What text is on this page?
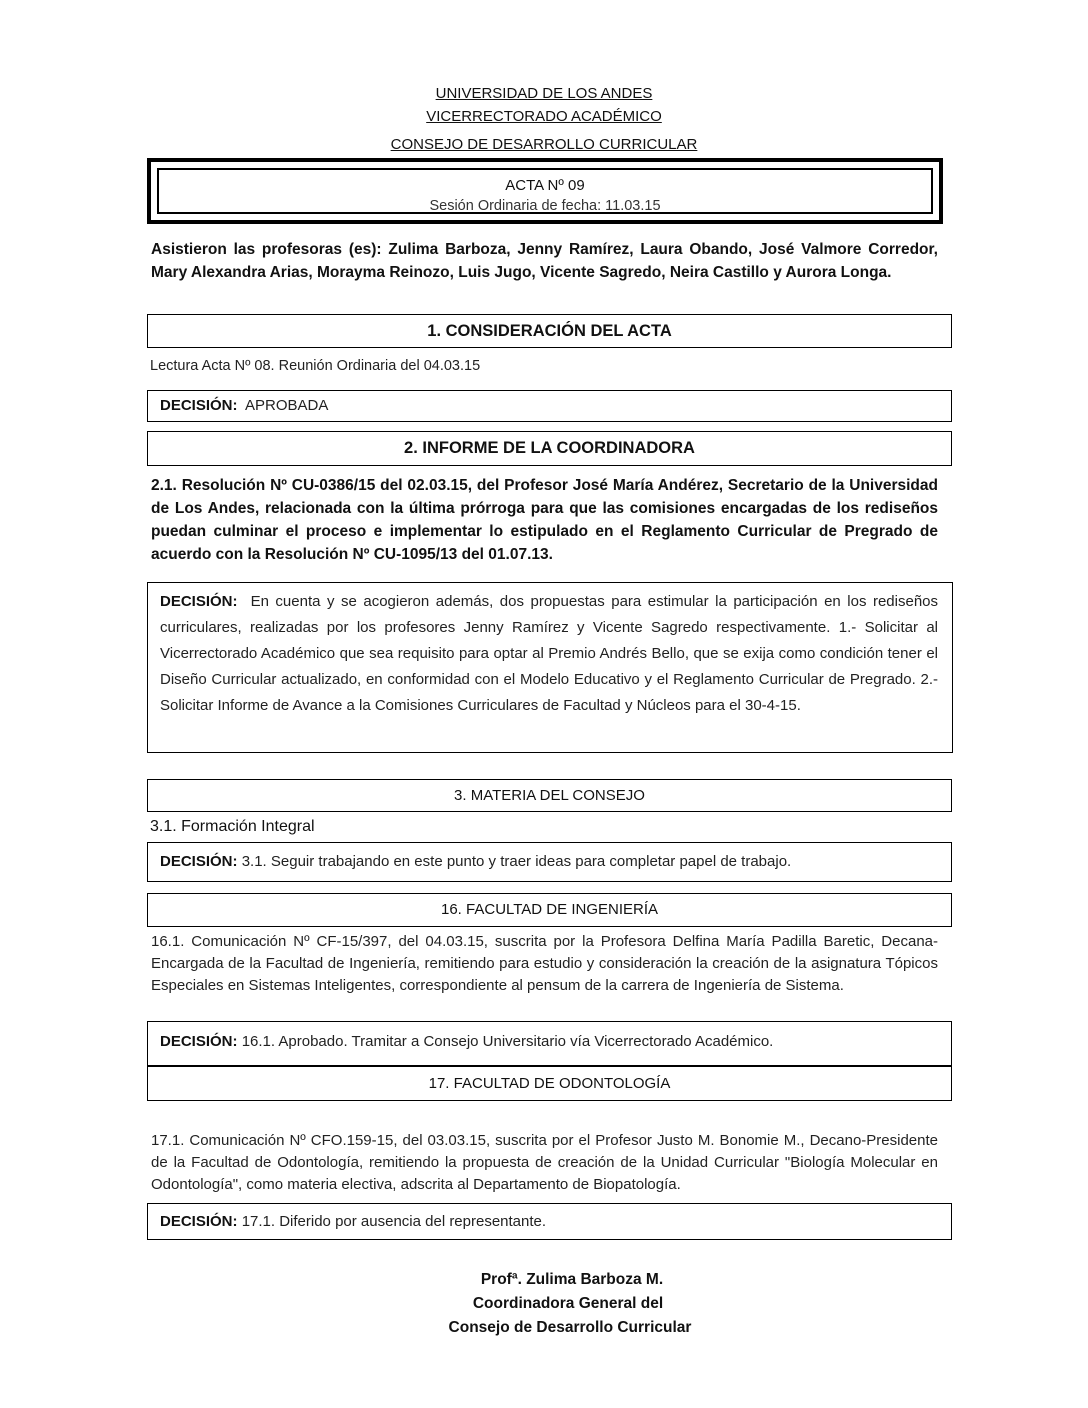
UNIVERSIDAD DE LOS ANDES
VICERRECTORADO ACADÉMICO
CONSEJO DE DESARROLLO CURRICULAR
ACTA Nº 09
Sesión Ordinaria de fecha: 11.03.15
Asistieron las profesoras (es): Zulima Barboza, Jenny Ramírez, Laura Obando, José Valmore Corredor, Mary Alexandra Arias, Morayma Reinozo, Luis Jugo, Vicente Sagredo, Neira Castillo y Aurora Longa.
1. CONSIDERACIÓN DEL ACTA
Lectura Acta Nº 08. Reunión Ordinaria del 04.03.15
DECISIÓN: APROBADA
2. INFORME DE LA COORDINADORA
2.1. Resolución Nº CU-0386/15 del 02.03.15, del Profesor José María Andérez, Secretario de la Universidad de Los Andes, relacionada con la última prórroga para que las comisiones encargadas de los rediseños puedan culminar el proceso e implementar lo estipulado en el Reglamento Curricular de Pregrado de acuerdo con la Resolución Nº CU-1095/13 del 01.07.13.
DECISIÓN: En cuenta y se acogieron además, dos propuestas para estimular la participación en los rediseños curriculares, realizadas por los profesores Jenny Ramírez y Vicente Sagredo respectivamente. 1.- Solicitar al Vicerrectorado Académico que sea requisito para optar al Premio Andrés Bello, que se exija como condición tener el Diseño Curricular actualizado, en conformidad con el Modelo Educativo y el Reglamento Curricular de Pregrado. 2.- Solicitar Informe de Avance a la Comisiones Curriculares de Facultad y Núcleos para el 30-4-15.
3. MATERIA DEL CONSEJO
3.1. Formación Integral
DECISIÓN: 3.1. Seguir trabajando en este punto y traer ideas para completar papel de trabajo.
16. FACULTAD DE INGENIERÍA
16.1. Comunicación Nº CF-15/397, del 04.03.15, suscrita por la Profesora Delfina María Padilla Baretic, Decana-Encargada de la Facultad de Ingeniería, remitiendo para estudio y consideración la creación de la asignatura Tópicos Especiales en Sistemas Inteligentes, correspondiente al pensum de la carrera de Ingeniería de Sistema.
DECISIÓN: 16.1. Aprobado. Tramitar a Consejo Universitario vía Vicerrectorado Académico.
17. FACULTAD DE ODONTOLOGÍA
17.1. Comunicación Nº CFO.159-15, del 03.03.15, suscrita por el Profesor Justo M. Bonomie M., Decano-Presidente de la Facultad de Odontología, remitiendo la propuesta de creación de la Unidad Curricular "Biología Molecular en Odontología", como materia electiva, adscrita al Departamento de Biopatología.
DECISIÓN: 17.1. Diferido por ausencia del representante.
Profª. Zulima Barboza M.
Coordinadora General del
Consejo de Desarrollo Curricular
